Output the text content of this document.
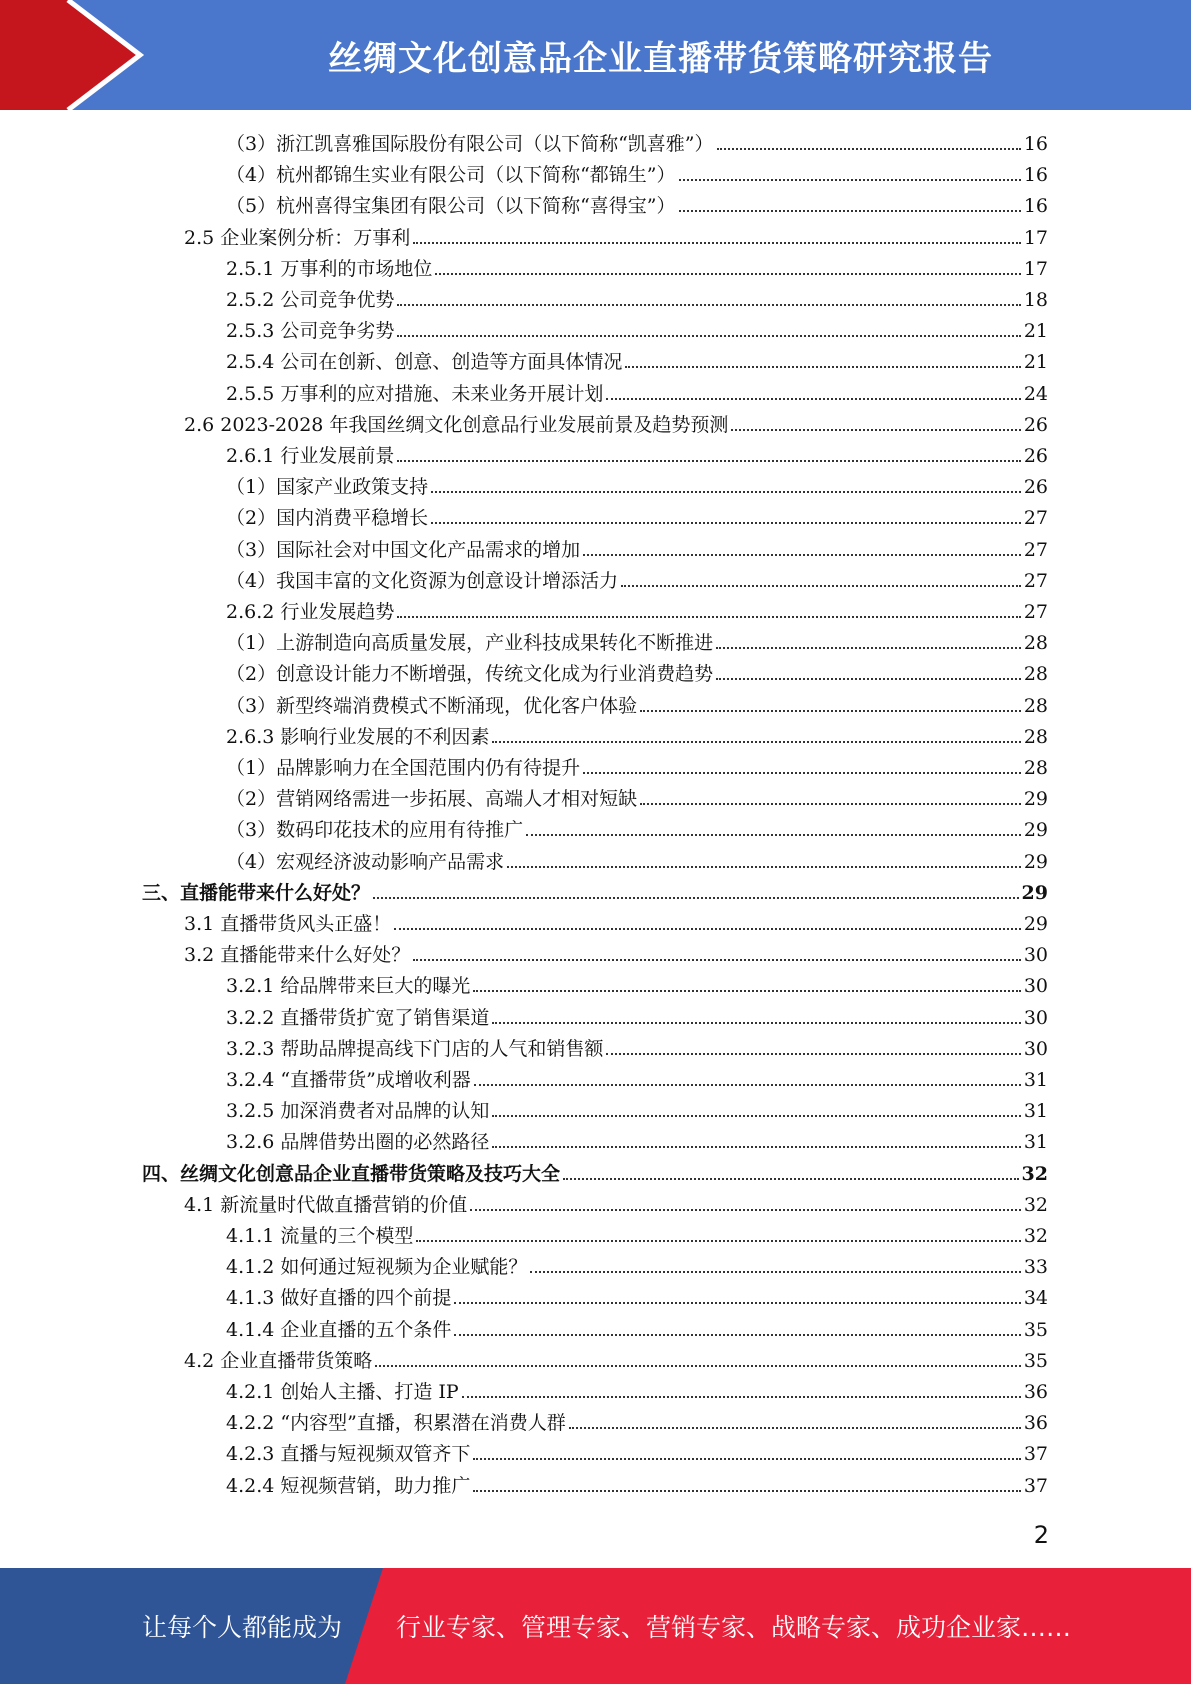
丝绸文化创意品企业直播带货策略研究报告
（3）浙江凯喜雅国际股份有限公司（以下简称“凯喜雅”）	16
（4）杭州都锦生实业有限公司（以下简称“都锦生”）	16
（5）杭州喜得宝集团有限公司（以下简称“喜得宝”）	16
2.5 企业案例分析：万事利	17
2.5.1 万事利的市场地位	17
2.5.2 公司竞争优势	18
2.5.3 公司竞争劣势	21
2.5.4 公司在创新、创意、创造等方面具体情况	21
2.5.5 万事利的应对措施、未来业务开展计划	24
2.6 2023-2028 年我国丝绸文化创意品行业发展前景及趋势预测	26
2.6.1 行业发展前景	26
（1）国家产业政策支持	26
（2）国内消费平稳增长	27
（3）国际社会对中国文化产品需求的增加	27
（4）我国丰富的文化资源为创意设计增添活力	27
2.6.2 行业发展趋势	27
（1）上游制造向高质量发展，产业科技成果转化不断推进	28
（2）创意设计能力不断增强，传统文化成为行业消费趋势	28
（3）新型终端消费模式不断涌现，优化客户体验	28
2.6.3 影响行业发展的不利因素	28
（1）品牌影响力在全国范围内仍有待提升	28
（2）营销网络需进一步拓展、高端人才相对短缺	29
（3）数码印花技术的应用有待推广	29
（4）宏观经济波动影响产品需求	29
三、直播能带来什么好处？	29
3.1 直播带货风头正盛！	29
3.2 直播能带来什么好处？	30
3.2.1 给品牌带来巨大的曝光	30
3.2.2 直播带货扩宽了销售渠道	30
3.2.3 帮助品牌提高线下门店的人气和销售额	30
3.2.4 “直播带货”成增收利器	31
3.2.5 加深消费者对品牌的认知	31
3.2.6 品牌借势出圈的必然路径	31
四、丝绸文化创意品企业直播带货策略及技巧大全	32
4.1 新流量时代做直播营销的价值	32
4.1.1 流量的三个模型	32
4.1.2 如何通过短视频为企业赋能？	33
4.1.3 做好直播的四个前提	34
4.1.4 企业直播的五个条件	35
4.2 企业直播带货策略	35
4.2.1 创始人主播、打造 IP	36
4.2.2 “内容型”直播，积累潜在消费人群	36
4.2.3 直播与短视频双管齐下	37
4.2.4 短视频营销，助力推广	37
2
让每个人都能成为 行业专家、管理专家、营销专家、战略专家、成功企业家……
